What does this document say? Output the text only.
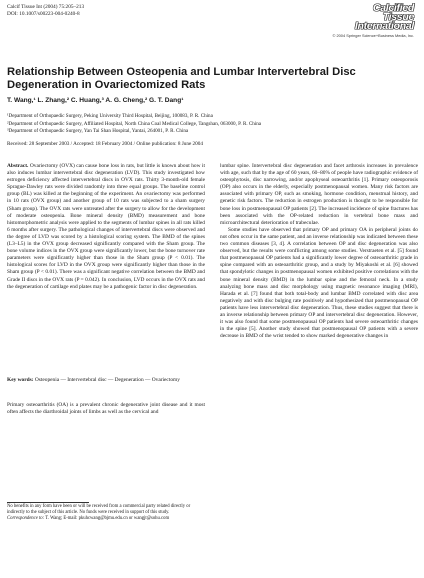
Calcif Tissue Int (2004) 75:205–213
DOI: 10.1007/s00223-004-0240-8	Calcified
Tissue
International
© 2004 Springer Science+Business Media, Inc.
Relationship Between Osteopenia and Lumbar Intervertebral Disc Degeneration in Ovariectomized Rats
T. Wang,¹ L. Zhang,² C. Huang,³ A. G. Cheng,² G. T. Dang¹
¹Department of Orthopaedic Surgery, Peking University Third Hospital, Beijing, 100083, P. R. China
²Department of Orthopaedic Surgery, Affiliated Hospital, North China Coal Medical College, Tangshan, 063000, P. R. China
³Department of Orthopaedic Surgery, Yan Tai Shan Hospital, Yantai, 264001, P. R. China
Received: 28 September 2003 / Accepted: 18 February 2004 / Online publication: 8 June 2004

Abstract. Ovariectomy (OVX) can cause bone loss in rats, but little is known about how it also induces lumbar intervertebral disc degeneration (LVD). This study investigated how estrogen deficiency affected intervertebral discs in OVX rats. Thirty 3-month-old female Sprague-Dawley rats were divided randomly into three equal groups. The baseline control group (BL) was killed at the beginning of the experiment. An ovariectomy was performed in 10 rats (OVX group) and another group of 10 rats was subjected to a sham surgery (Sham group). The OVX rats were untreated after the surgery to allow for the development of moderate osteopenia. Bone mineral density (BMD) measurement and bone histomorphometric analysis were applied to the segments of lumbar spines in all rats killed 6 months after surgery. The pathological changes of intervertebral discs were observed and the degree of LVD was scored by a histological scoring system. The BMD of the spines (L3–L5) in the OVX group decreased significantly compared with the Sham group. The bone volume indices in the OVX group were significantly lower, but the bone turnover rate parameters were significantly higher than those in the Sham group (P < 0.01). The histological scores for LVD in the OVX group were significantly higher than those in the Sham group (P < 0.01). There was a significant negative correlation between the BMD and Grade II discs in the OVX rats (P = 0.042). In conclusion, LVD occurs in the OVX rats and the degeneration of cartilage end plates may be a pathogenic factor in disc degeneration.

Key words: Osteopenia — Intervertebral disc — Degeneration — Ovariectomy
Primary osteoarthritis (OA) is a prevalent chronic degenerative joint disease and it most often affects the diarthroidal joints of limbs as well as the cervical and
No benefits in any form have been or will be received from a commercial party related directly or indirectly to the subject of this article. No funds were received in support of this study.
Correspondence to: T. Wang; E-mail: pkuhcwang@bjmu.edu.cn or wangjt@sohu.com

lumbar spine. Intervertebral disc degeneration and facet arthrosis increases in prevalence with age, such that by the age of 60 years, 60–80% of people have radiographic evidence of osteophytosis, disc narrowing, and/or apophyseal osteoarthritis [1]. Primary osteoporosis (OP) also occurs in the elderly, especially postmenopausal women. Many risk factors are associated with primary OP, such as smoking, hormone condition, menstrual history, and genetic risk factors. The reduction in estrogen production is thought to be responsible for bone loss in postmenopausal OP patients [2]. The increased incidence of spine fractures has been associated with the OP-related reduction in vertebral bone mass and microarchitectural deterioration of trabeculae.

Some studies have observed that primary OP and primary OA in peripheral joints do not often occur in the same patient, and an inverse relationship was indicated between these two common diseases [3, 4]. A correlation between OP and disc degeneration was also observed, but the results were conflicting among some studies. Verstraeten et al. [5] found that postmenopausal OP patients had a significantly lower degree of osteoarthritic grade in spine compared with an osteoarthritic group, and a study by Miyakoshi et al. [6] showed that spondylotic changes in postmenopausal women exhibited positive correlations with the bone mineral density (BMD) in the lumbar spine and the femoral neck. In a study analyzing bone mass and disc morphology using magnetic resonance imaging (MRI), Harada et al. [7] found that both total-body and lumbar BMD correlated with disc area negatively and with disc bulging rate positively and hypothesized that postmenopausal OP patients have less intervertebral disc degeneration. Thus, these studies suggest that there is an inverse relationship between primary OP and intervertebral disc degeneration. However, it was also found that some postmenopausal OP patients had severe osteoarthritic changes in the spine [5]. Another study showed that postmenopausal OP patients with a severe decrease in BMD of the wrist tended to show marked degenerative changes in
